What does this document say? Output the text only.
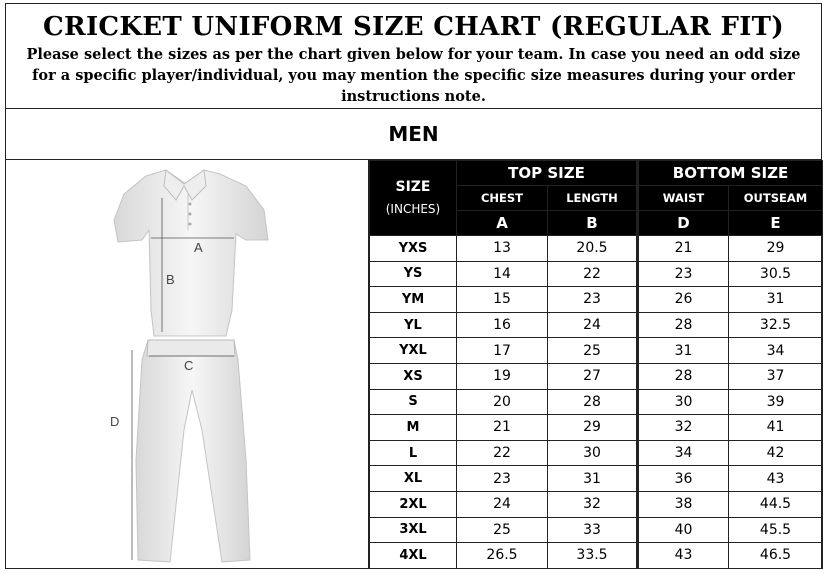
CRICKET UNIFORM SIZE CHART (REGULAR FIT)
Please select the sizes as per the chart given below for your team. In case you need an odd size for a specific player/individual, you may mention the specific size measures during your order instructions note.
MEN
A
B
C
D
SIZE
(INCHES)	TOP SIZE		BOTTOM SIZE	
	CHEST	LENGTH	WAIST	OUTSEAM
	A	B	D	E
YXS	13	20.5	21	29
YS	14	22	23	30.5
YM	15	23	26	31
YL	16	24	28	32.5
YXL	17	25	31	34
XS	19	27	28	37
S	20	28	30	39
M	21	29	32	41
L	22	30	34	42
XL	23	31	36	43
2XL	24	32	38	44.5
3XL	25	33	40	45.5
4XL	26.5	33.5	43	46.5
